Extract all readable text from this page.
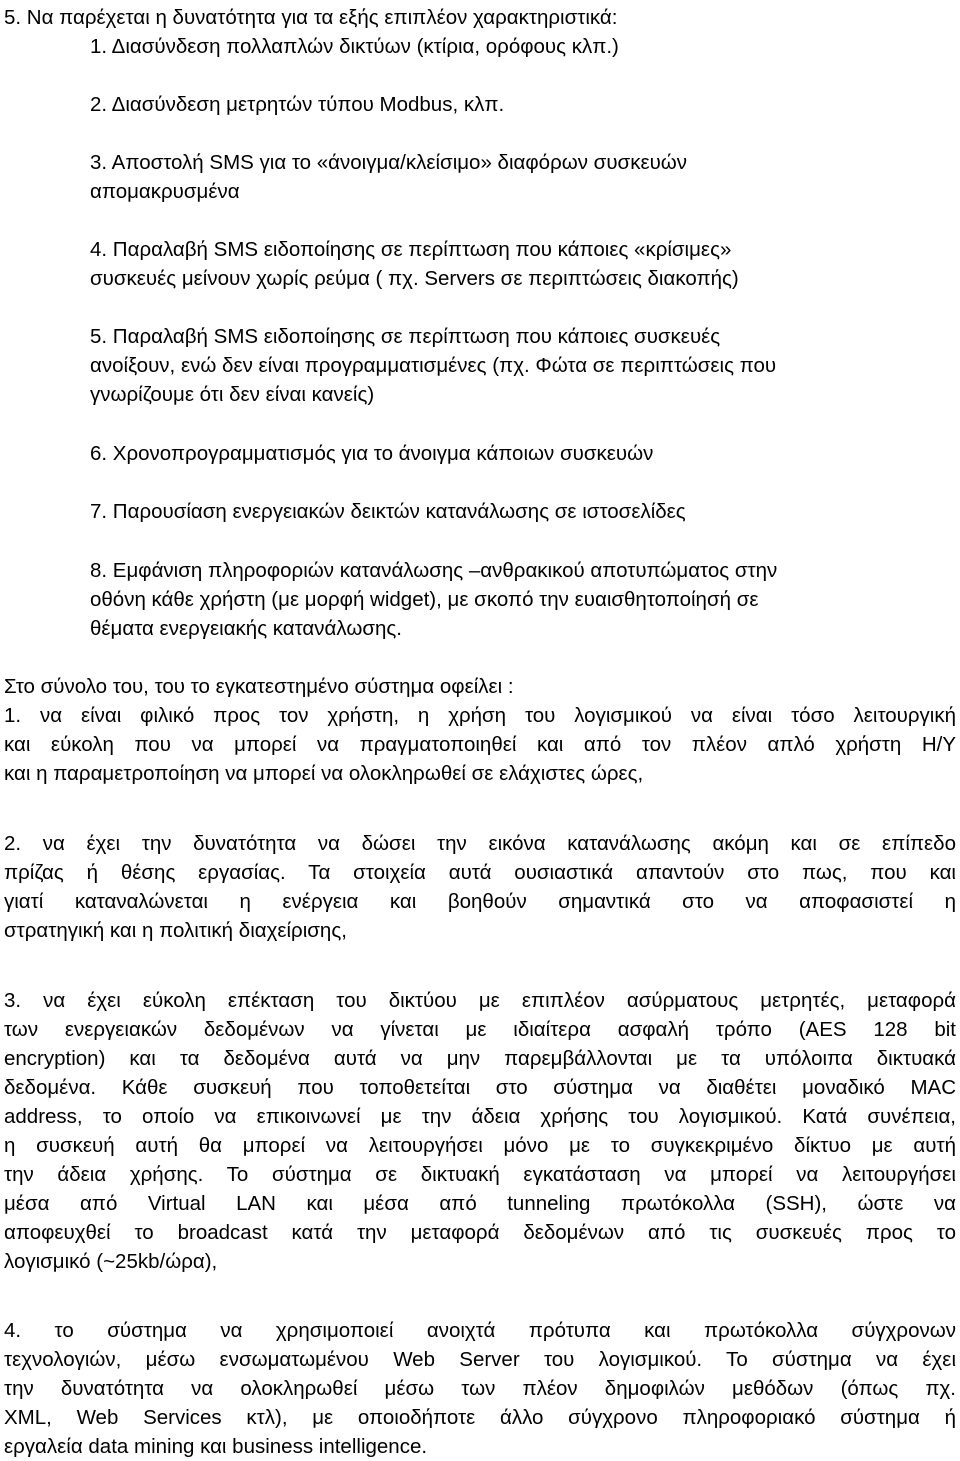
5. Να παρέχεται η δυνατότητα για τα εξής επιπλέον χαρακτηριστικά:
1. Διασύνδεση πολλαπλών δικτύων (κτίρια, ορόφους κλπ.)
2. Διασύνδεση μετρητών τύπου Modbus, κλπ.
3. Αποστολή SMS για το «άνοιγμα/κλείσιμο» διαφόρων συσκευών
απομακρυσμένα
4. Παραλαβή SMS ειδοποίησης σε περίπτωση που κάποιες «κρίσιμες»
συσκευές μείνουν χωρίς ρεύμα ( πχ. Servers σε περιπτώσεις διακοπής)
5. Παραλαβή SMS ειδοποίησης σε περίπτωση που κάποιες συσκευές
ανοίξουν, ενώ δεν είναι προγραμματισμένες (πχ. Φώτα σε περιπτώσεις που
γνωρίζουμε ότι δεν είναι κανείς)
6. Χρονοπρογραμματισμός για το άνοιγμα κάποιων συσκευών
7. Παρουσίαση ενεργειακών δεικτών κατανάλωσης σε ιστοσελίδες
8. Εμφάνιση πληροφοριών κατανάλωσης –ανθρακικού αποτυπώματος στην
οθόνη κάθε χρήστη (με μορφή widget), με σκοπό την ευαισθητοποίησή σε
θέματα ενεργειακής κατανάλωσης.
Στο σύνολο του, του το εγκατεστημένο σύστημα οφείλει :
1. να είναι φιλικό προς τον χρήστη, η χρήση του λογισμικού να είναι τόσο λειτουργική
και εύκολη που να μπορεί να πραγματοποιηθεί και από τον πλέον απλό χρήστη Η/Υ
και η παραμετροποίηση να μπορεί να ολοκληρωθεί σε ελάχιστες ώρες,
2. να έχει την δυνατότητα να δώσει την εικόνα κατανάλωσης ακόμη και σε επίπεδο
πρίζας ή θέσης εργασίας. Τα στοιχεία αυτά ουσιαστικά απαντούν στο πως, που και
γιατί καταναλώνεται η ενέργεια και βοηθούν σημαντικά στο να αποφασιστεί η
στρατηγική και η πολιτική διαχείρισης,
3. να έχει εύκολη επέκταση του δικτύου με επιπλέον ασύρματους μετρητές, μεταφορά
των ενεργειακών δεδομένων να γίνεται με ιδιαίτερα ασφαλή τρόπο (AES 128 bit
encryption) και τα δεδομένα αυτά να μην παρεμβάλλονται με τα υπόλοιπα δικτυακά
δεδομένα. Κάθε συσκευή που τοποθετείται στο σύστημα να διαθέτει μοναδικό MAC
address, το οποίο να επικοινωνεί με την άδεια χρήσης του λογισμικού. Κατά συνέπεια,
η συσκευή αυτή θα μπορεί να λειτουργήσει μόνο με το συγκεκριμένο δίκτυο με αυτή
την άδεια χρήσης. Το σύστημα σε δικτυακή εγκατάσταση να μπορεί να λειτουργήσει
μέσα από Virtual LAN και μέσα από tunneling πρωτόκολλα (SSH), ώστε να
αποφευχθεί το broadcast κατά την μεταφορά δεδομένων από τις συσκευές προς το
λογισμικό (~25kb/ώρα),
4. το σύστημα να χρησιμοποιεί ανοιχτά πρότυπα και πρωτόκολλα σύγχρονων
τεχνολογιών, μέσω ενσωματωμένου Web Server του λογισμικού. Το σύστημα να έχει
την δυνατότητα να ολοκληρωθεί μέσω των πλέον δημοφιλών μεθόδων (όπως πχ.
XML, Web Services κτλ), με οποιοδήποτε άλλο σύγχρονο πληροφοριακό σύστημα ή
εργαλεία data mining και business intelligence.
